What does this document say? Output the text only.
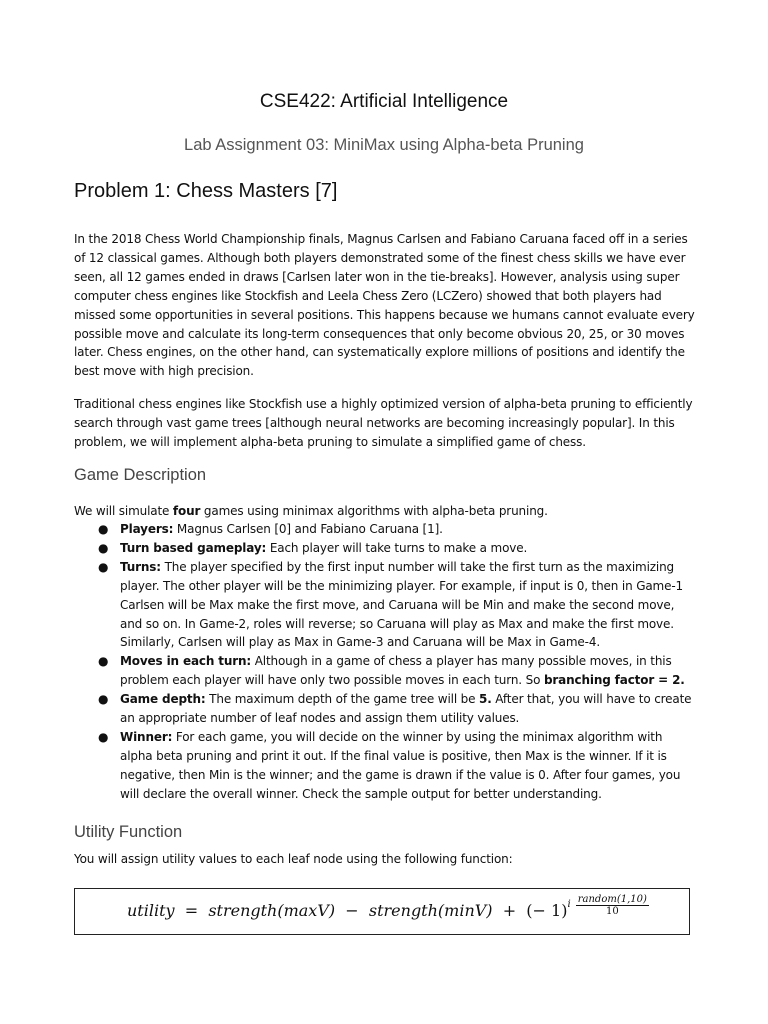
CSE422: Artificial Intelligence
Lab Assignment 03: MiniMax using Alpha-beta Pruning
Problem 1: Chess Masters [7]
In the 2018 Chess World Championship finals, Magnus Carlsen and Fabiano Caruana faced off in a series of 12 classical games. Although both players demonstrated some of the finest chess skills we have ever seen, all 12 games ended in draws [Carlsen later won in the tie-breaks]. However, analysis using super computer chess engines like Stockfish and Leela Chess Zero (LCZero) showed that both players had missed some opportunities in several positions. This happens because we humans cannot evaluate every possible move and calculate its long-term consequences that only become obvious 20, 25, or 30 moves later. Chess engines, on the other hand, can systematically explore millions of positions and identify the best move with high precision.
Traditional chess engines like Stockfish use a highly optimized version of alpha-beta pruning to efficiently search through vast game trees [although neural networks are becoming increasingly popular]. In this problem, we will implement alpha-beta pruning to simulate a simplified game of chess.
Game Description
We will simulate four games using minimax algorithms with alpha-beta pruning.
● Players: Magnus Carlsen [0] and Fabiano Caruana [1].
● Turn based gameplay: Each player will take turns to make a move.
● Turns: The player specified by the first input number will take the first turn as the maximizing player. The other player will be the minimizing player. For example, if input is 0, then in Game-1 Carlsen will be Max make the first move, and Caruana will be Min and make the second move, and so on. In Game-2, roles will reverse; so Caruana will play as Max and make the first move. Similarly, Carlsen will play as Max in Game-3 and Caruana will be Max in Game-4.
● Moves in each turn: Although in a game of chess a player has many possible moves, in this problem each player will have only two possible moves in each turn. So branching factor = 2.
● Game depth: The maximum depth of the game tree will be 5. After that, you will have to create an appropriate number of leaf nodes and assign them utility values.
● Winner: For each game, you will decide on the winner by using the minimax algorithm with alpha beta pruning and print it out. If the final value is positive, then Max is the winner. If it is negative, then Min is the winner; and the game is drawn if the value is 0. After four games, you will declare the overall winner. Check the sample output for better understanding.
Utility Function
You will assign utility values to each leaf node using the following function:
utility = strength(maxV) − strength(minV) + (− $1)^i \frac{\text{random(1,10)}}{10}$
